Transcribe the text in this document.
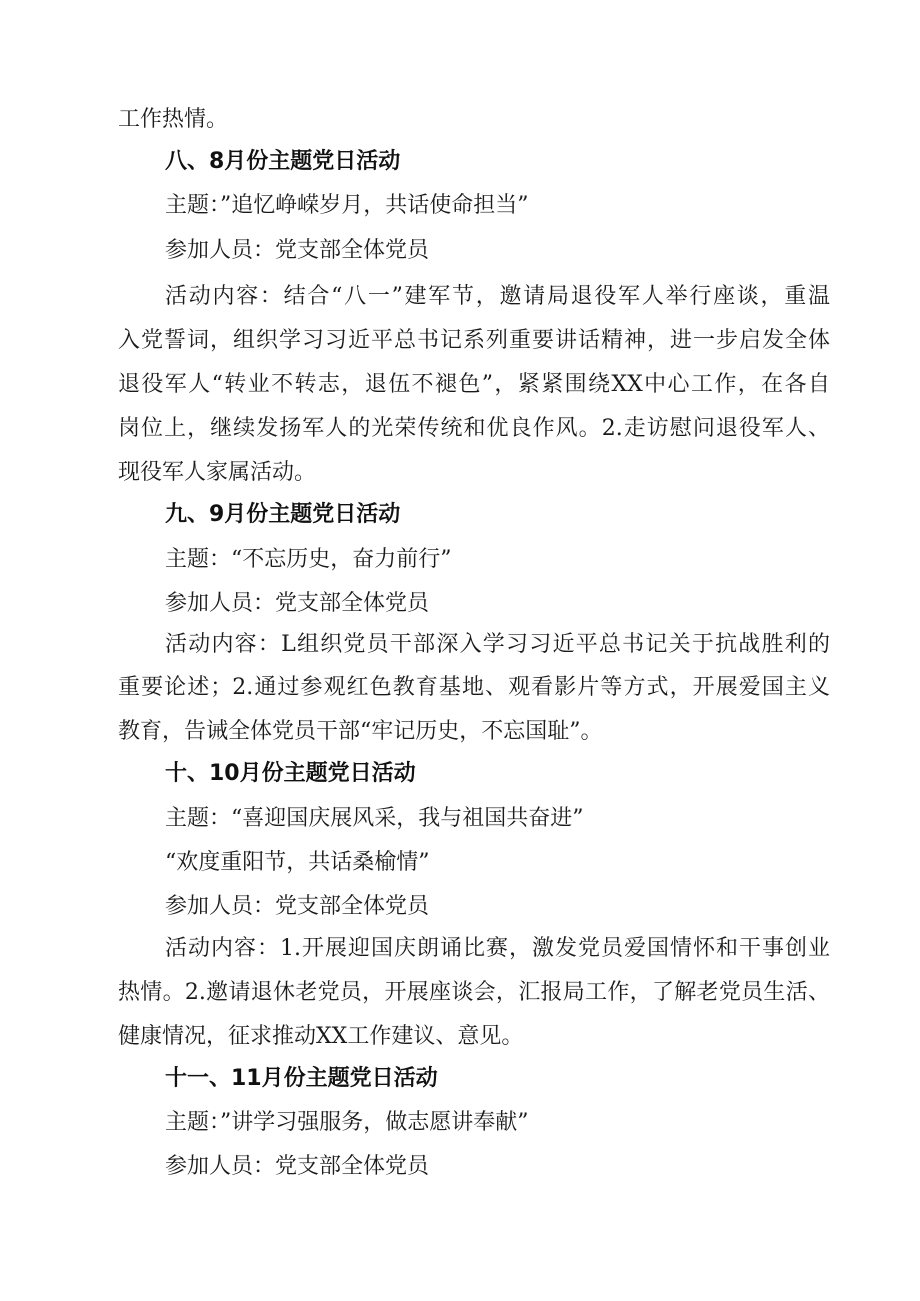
工作热情。
八、8月份主题党日活动
主题：”追忆峥嵘岁月，共话使命担当”
参加人员：党支部全体党员
活动内容：结合“八一”建军节，邀请局退役军人举行座谈，重温
入党誓词，组织学习习近平总书记系列重要讲话精神，进一步启发全体
退役军人“转业不转志，退伍不褪色”，紧紧围绕XX中心工作，在各自
岗位上，继续发扬军人的光荣传统和优良作风。2.走访慰问退役军人、
现役军人家属活动。
九、9月份主题党日活动
主题：“不忘历史，奋力前行”
参加人员：党支部全体党员
活动内容：L组织党员干部深入学习习近平总书记关于抗战胜利的
重要论述；2.通过参观红色教育基地、观看影片等方式，开展爱国主义
教育，告诫全体党员干部“牢记历史，不忘国耻”。
十、10月份主题党日活动
主题：“喜迎国庆展风采，我与祖国共奋进”
“欢度重阳节，共话桑榆情”
参加人员：党支部全体党员
活动内容：1.开展迎国庆朗诵比赛，激发党员爱国情怀和干事创业
热情。2.邀请退休老党员，开展座谈会，汇报局工作，了解老党员生活、
健康情况，征求推动XX工作建议、意见。
十一、11月份主题党日活动
主题：”讲学习强服务，做志愿讲奉献”
参加人员：党支部全体党员
